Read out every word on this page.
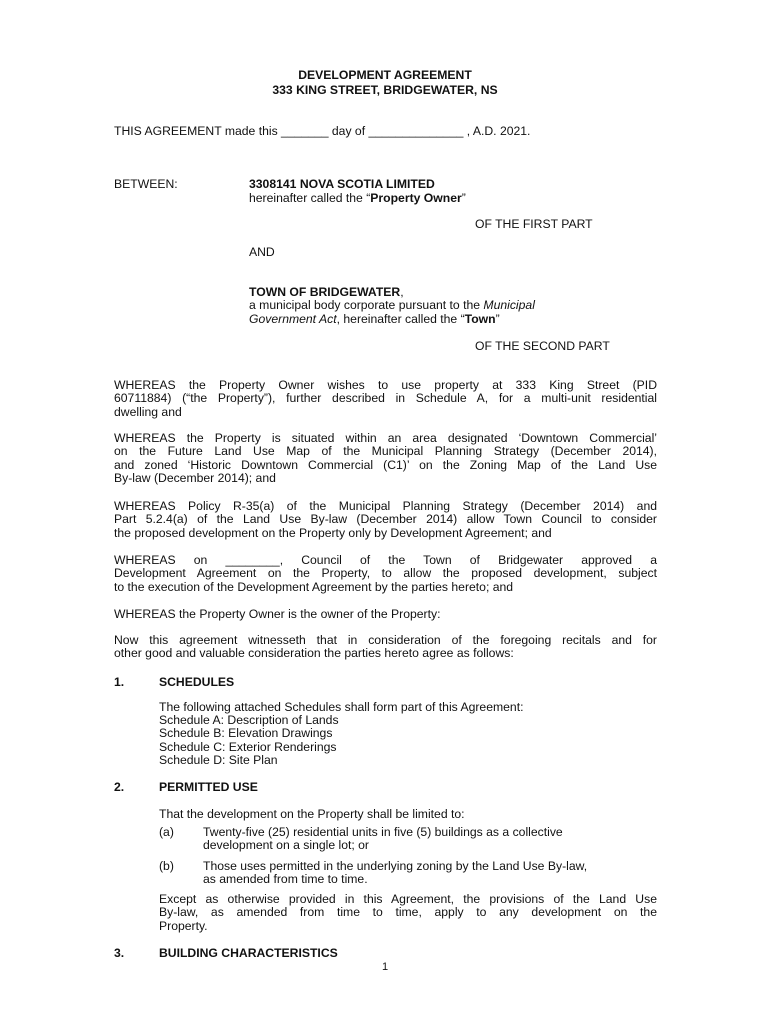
DEVELOPMENT AGREEMENT
333 KING STREET, BRIDGEWATER, NS
THIS AGREEMENT made this _______ day of ______________ , A.D. 2021.
BETWEEN:	3308141 NOVA SCOTIA LIMITED
hereinafter called the “Property Owner”
OF THE FIRST PART
AND
TOWN OF BRIDGEWATER,
a municipal body corporate pursuant to the Municipal
Government Act, hereinafter called the “Town”
OF THE SECOND PART
WHEREAS the Property Owner wishes to use property at 333 King Street (PID
60711884) (“the Property”), further described in Schedule A, for a multi-unit residential
dwelling and
WHEREAS the Property is situated within an area designated ‘Downtown Commercial’
on the Future Land Use Map of the Municipal Planning Strategy (December 2014),
and zoned ‘Historic Downtown Commercial (C1)’ on the Zoning Map of the Land Use
By-law (December 2014); and
WHEREAS Policy R-35(a) of the Municipal Planning Strategy (December 2014) and
Part 5.2.4(a) of the Land Use By-law (December 2014) allow Town Council to consider
the proposed development on the Property only by Development Agreement; and
WHEREAS on ________, Council of the Town of Bridgewater approved a
Development Agreement on the Property, to allow the proposed development, subject
to the execution of the Development Agreement by the parties hereto; and
WHEREAS the Property Owner is the owner of the Property:
Now this agreement witnesseth that in consideration of the foregoing recitals and for
other good and valuable consideration the parties hereto agree as follows:
1.	SCHEDULES
The following attached Schedules shall form part of this Agreement:
Schedule A: Description of Lands
Schedule B: Elevation Drawings
Schedule C: Exterior Renderings
Schedule D: Site Plan
2.	PERMITTED USE
That the development on the Property shall be limited to:
(a) Twenty-five (25) residential units in five (5) buildings as a collective
development on a single lot; or
(b) Those uses permitted in the underlying zoning by the Land Use By-law,
as amended from time to time.
Except as otherwise provided in this Agreement, the provisions of the Land Use
By-law, as amended from time to time, apply to any development on the
Property.
3.	BUILDING CHARACTERISTICS
1
